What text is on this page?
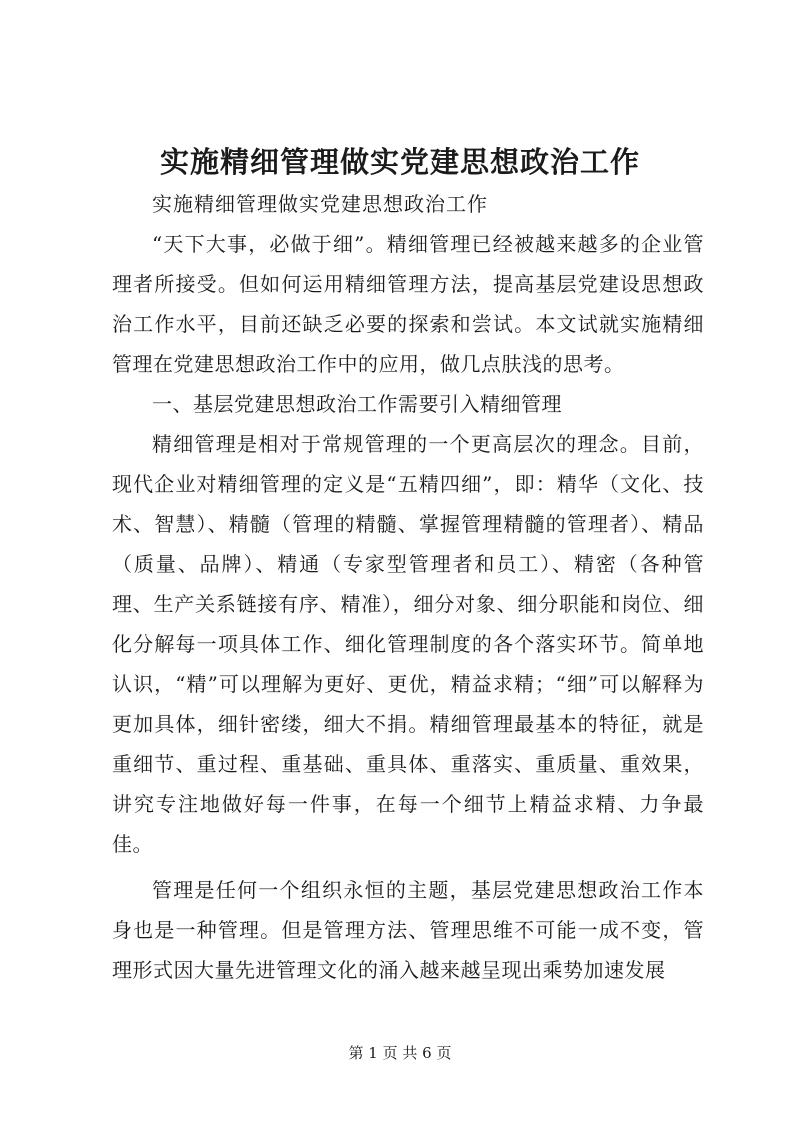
实施精细管理做实党建思想政治工作

实施精细管理做实党建思想政治工作

“天下大事，必做于细”。精细管理已经被越来越多的企业管理者所接受。但如何运用精细管理方法，提高基层党建设思想政治工作水平，目前还缺乏必要的探索和尝试。本文试就实施精细管理在党建思想政治工作中的应用，做几点肤浅的思考。

一、基层党建思想政治工作需要引入精细管理

精细管理是相对于常规管理的一个更高层次的理念。目前，现代企业对精细管理的定义是“五精四细”，即：精华（文化、技术、智慧）、精髓（管理的精髓、掌握管理精髓的管理者）、精品（质量、品牌）、精通（专家型管理者和员工）、精密（各种管理、生产关系链接有序、精准），细分对象、细分职能和岗位、细化分解每一项具体工作、细化管理制度的各个落实环节。简单地认识，“精”可以理解为更好、更优，精益求精；“细”可以解释为更加具体，细针密缕，细大不捐。精细管理最基本的特征，就是重细节、重过程、重基础、重具体、重落实、重质量、重效果，讲究专注地做好每一件事，在每一个细节上精益求精、力争最佳。

管理是任何一个组织永恒的主题，基层党建思想政治工作本身也是一种管理。但是管理方法、管理思维不可能一成不变，管理形式因大量先进管理文化的涌入越来越呈现出乘势加速发展

第 1 页 共 6 页
